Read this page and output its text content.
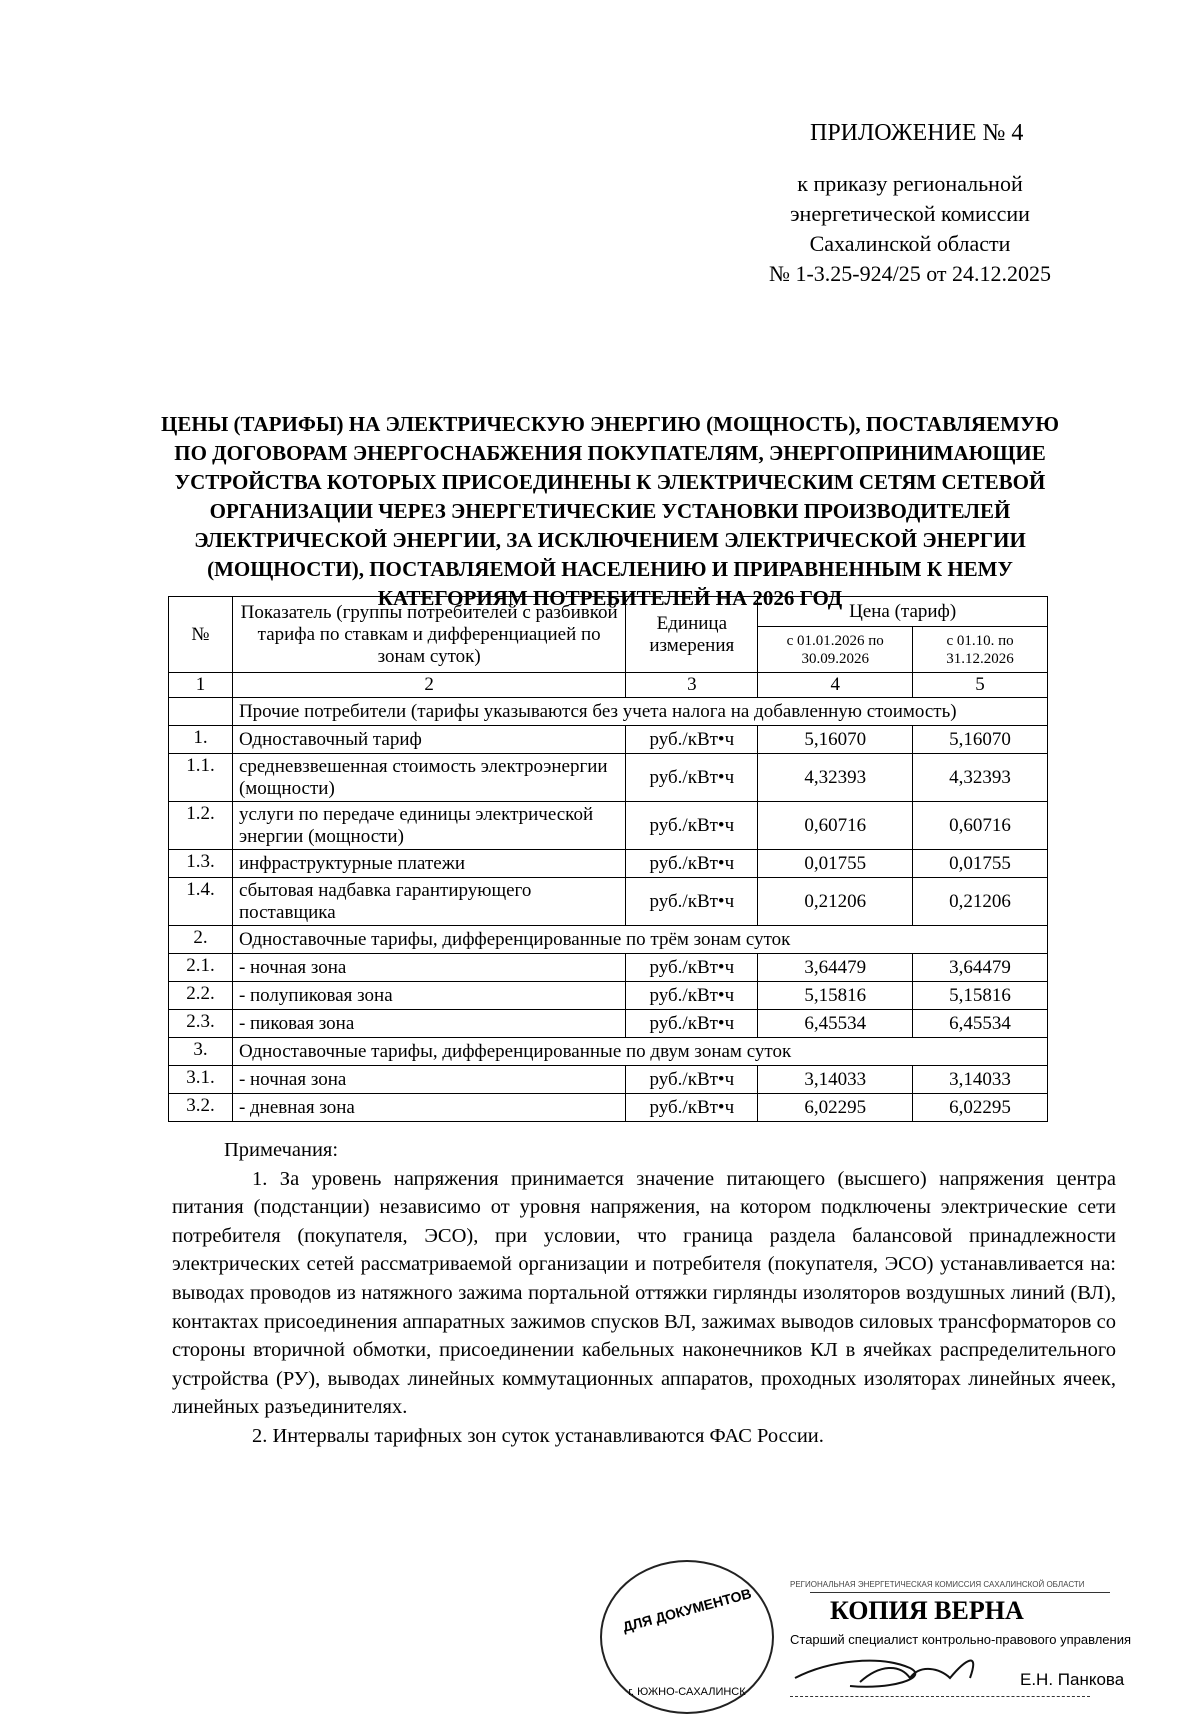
ПРИЛОЖЕНИЕ № 4
к приказу региональной
энергетической комиссии
Сахалинской области
№ 1-3.25-924/25 от 24.12.2025
ЦЕНЫ (ТАРИФЫ) НА ЭЛЕКТРИЧЕСКУЮ ЭНЕРГИЮ (МОЩНОСТЬ), ПОСТАВЛЯЕМУЮ ПО ДОГОВОРАМ ЭНЕРГОСНАБЖЕНИЯ ПОКУПАТЕЛЯМ, ЭНЕРГОПРИНИМАЮЩИЕ УСТРОЙСТВА КОТОРЫХ ПРИСОЕДИНЕНЫ К ЭЛЕКТРИЧЕСКИМ СЕТЯМ СЕТЕВОЙ ОРГАНИЗАЦИИ ЧЕРЕЗ ЭНЕРГЕТИЧЕСКИЕ УСТАНОВКИ ПРОИЗВОДИТЕЛЕЙ ЭЛЕКТРИЧЕСКОЙ ЭНЕРГИИ, ЗА ИСКЛЮЧЕНИЕМ ЭЛЕКТРИЧЕСКОЙ ЭНЕРГИИ (МОЩНОСТИ), ПОСТАВЛЯЕМОЙ НАСЕЛЕНИЮ И ПРИРАВНЕННЫМ К НЕМУ КАТЕГОРИЯМ ПОТРЕБИТЕЛЕЙ НА 2026 ГОД
№	Показатель (группы потребителей с разбивкой тарифа по ставкам и дифференциацией по зонам суток)	Единица измерения	Цена (тариф)	
			с 01.01.2026 по 30.09.2026	с 01.10. по 31.12.2026
1	2	3	4	5
	Прочие потребители (тарифы указываются без учета налога на добавленную стоимость)			
1.	Одноставочный тариф	руб./кВт•ч	5,16070	5,16070
1.1.	средневзвешенная стоимость электроэнергии (мощности)	руб./кВт•ч	4,32393	4,32393
1.2.	услуги по передаче единицы электрической энергии (мощности)	руб./кВт•ч	0,60716	0,60716
1.3.	инфраструктурные платежи	руб./кВт•ч	0,01755	0,01755
1.4.	сбытовая надбавка гарантирующего поставщика	руб./кВт•ч	0,21206	0,21206
2.	Одноставочные тарифы, дифференцированные по трём зонам суток			
2.1.	- ночная зона	руб./кВт•ч	3,64479	3,64479
2.2.	- полупиковая зона	руб./кВт•ч	5,15816	5,15816
2.3.	- пиковая зона	руб./кВт•ч	6,45534	6,45534
3.	Одноставочные тарифы, дифференцированные по двум зонам суток			
3.1.	- ночная зона	руб./кВт•ч	3,14033	3,14033
3.2.	- дневная зона	руб./кВт•ч	6,02295	6,02295
Примечания:

1. За уровень напряжения принимается значение питающего (высшего) напряжения центра питания (подстанции) независимо от уровня напряжения, на котором подключены электрические сети потребителя (покупателя, ЭСО), при условии, что граница раздела балансовой принадлежности электрических сетей рассматриваемой организации и потребителя (покупателя, ЭСО) устанавливается на: выводах проводов из натяжного зажима портальной оттяжки гирлянды изоляторов воздушных линий (ВЛ), контактах присоединения аппаратных зажимов спусков ВЛ, зажимах выводов силовых трансформаторов со стороны вторичной обмотки, присоединении кабельных наконечников КЛ в ячейках распределительного устройства (РУ), выводах линейных коммутационных аппаратов, проходных изоляторах линейных ячеек, линейных разъединителях.

2. Интервалы тарифных зон суток устанавливаются ФАС России.

ДЛЯ ДОКУМЕНТОВ
г. ЮЖНО-САХАЛИНСК
РЕГИОНАЛЬНАЯ ЭНЕРГЕТИЧЕСКАЯ КОМИССИЯ САХАЛИНСКОЙ ОБЛАСТИ
КОПИЯ ВЕРНА
Старший специалист контрольно-правового управления
Е.Н. Панкова
